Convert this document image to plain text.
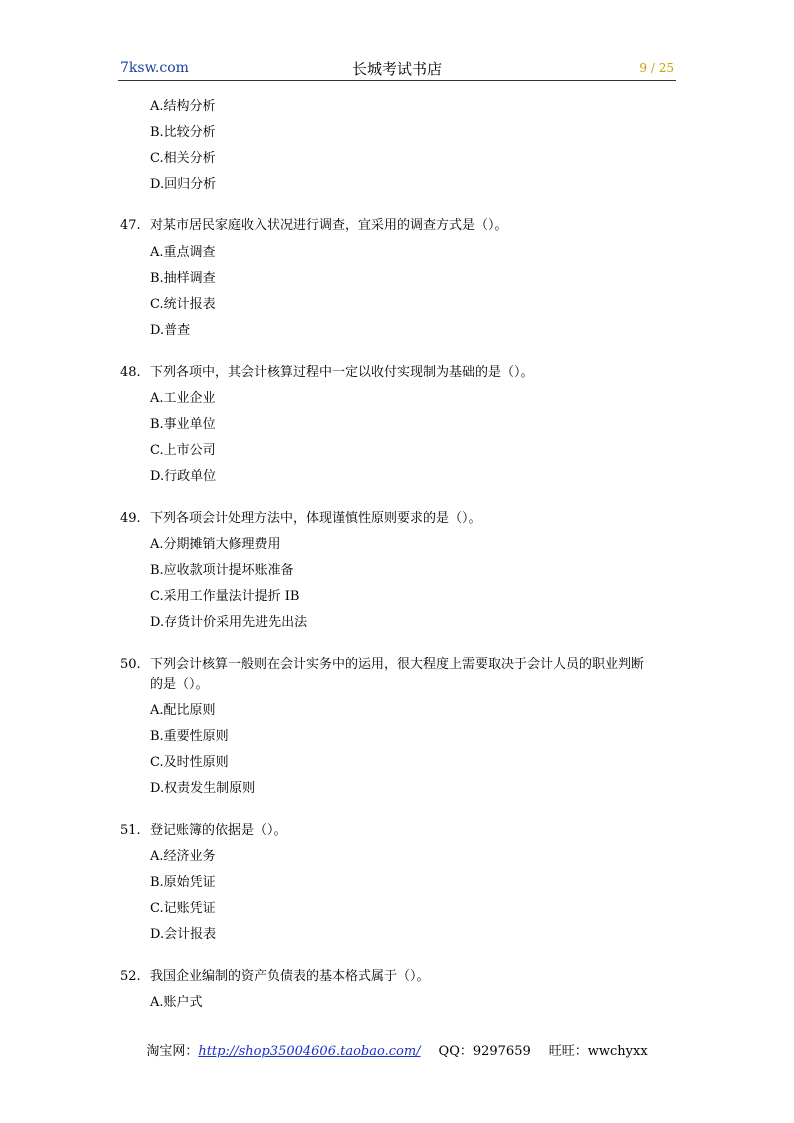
7ksw.com	长城考试书店	9 / 25
A.结构分析
B.比较分析
C.相关分析
D.回归分析
47. 对某市居民家庭收入状况进行调查，宜采用的调查方式是（）。
A.重点调查
B.抽样调查
C.统计报表
D.普查
48. 下列各项中，其会计核算过程中一定以收付实现制为基础的是（）。
A.工业企业
B.事业单位
C.上市公司
D.行政单位
49. 下列各项会计处理方法中，体现谨慎性原则要求的是（）。
A.分期摊销大修理费用
B.应收款项计提坏账准备
C.采用工作量法计提折 IB
D.存货计价采用先进先出法
50. 下列会计核算一般则在会计实务中的运用，很大程度上需要取决于会计人员的职业判断
的是（）。
A.配比原则
B.重要性原则
C.及时性原则
D.权责发生制原则
51. 登记账簿的依据是（）。
A.经济业务
B.原始凭证
C.记账凭证
D.会计报表
52. 我国企业编制的资产负债表的基本格式属于（）。
A.账户式
淘宝网：http://shop35004606.taobao.com/ QQ：9297659 旺旺：wwchyxx
